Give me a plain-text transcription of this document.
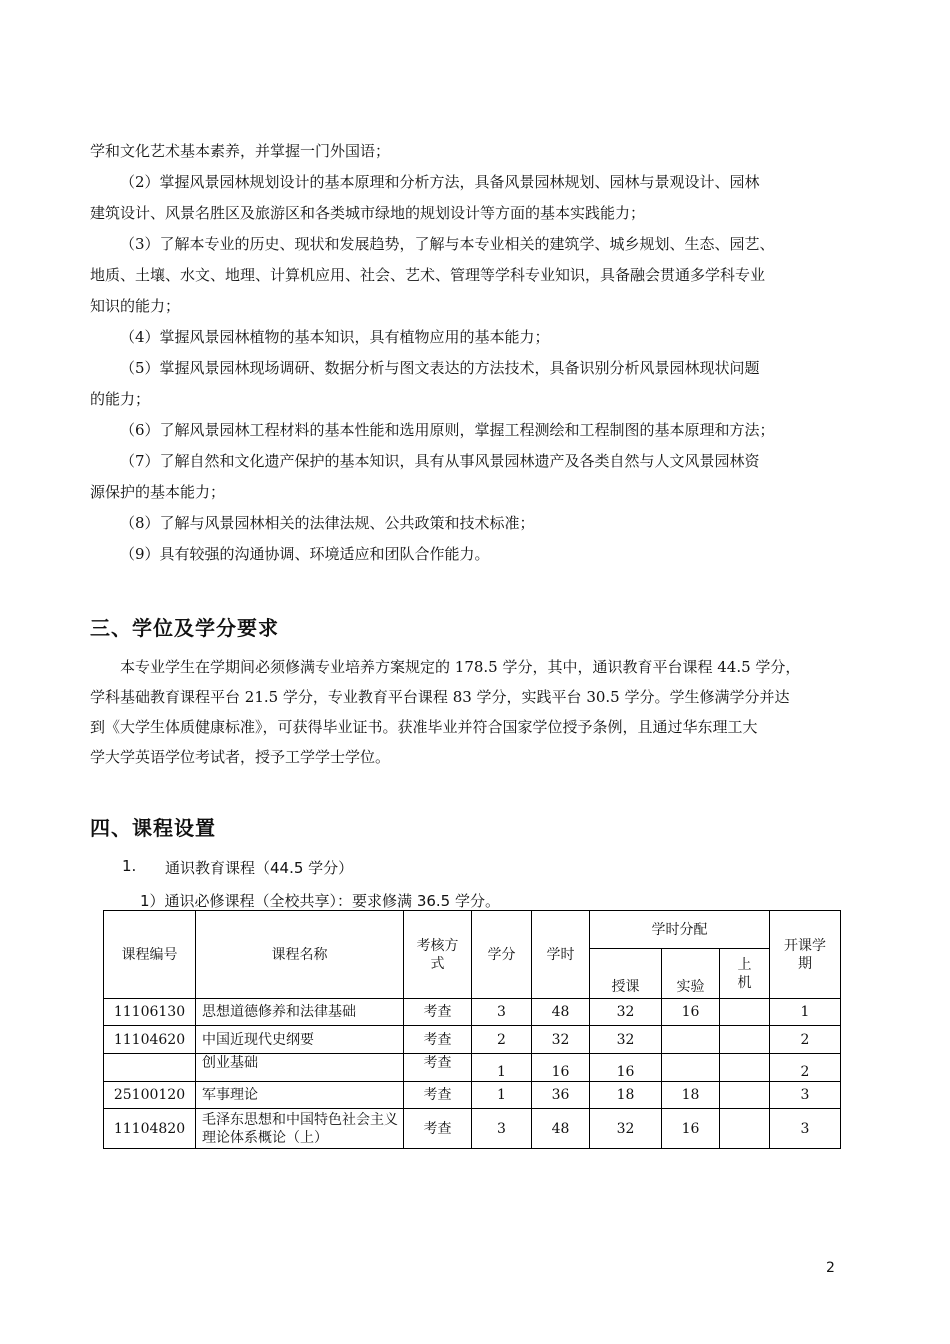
学和文化艺术基本素养，并掌握一门外国语；
（2）掌握风景园林规划设计的基本原理和分析方法，具备风景园林规划、园林与景观设计、园林
建筑设计、风景名胜区及旅游区和各类城市绿地的规划设计等方面的基本实践能力；
（3）了解本专业的历史、现状和发展趋势，了解与本专业相关的建筑学、城乡规划、生态、园艺、
地质、土壤、水文、地理、计算机应用、社会、艺术、管理等学科专业知识，具备融会贯通多学科专业
知识的能力；
（4）掌握风景园林植物的基本知识，具有植物应用的基本能力；
（5）掌握风景园林现场调研、数据分析与图文表达的方法技术，具备识别分析风景园林现状问题
的能力；
（6）了解风景园林工程材料的基本性能和选用原则，掌握工程测绘和工程制图的基本原理和方法；
（7）了解自然和文化遗产保护的基本知识，具有从事风景园林遗产及各类自然与人文风景园林资
源保护的基本能力；
（8）了解与风景园林相关的法律法规、公共政策和技术标准；
（9）具有较强的沟通协调、环境适应和团队合作能力。
三、学位及学分要求
本专业学生在学期间必须修满专业培养方案规定的 178.5 学分，其中，通识教育平台课程 44.5 学分，
学科基础教育课程平台 21.5 学分，专业教育平台课程 83 学分，实践平台 30.5 学分。学生修满学分并达
到《大学生体质健康标准》，可获得毕业证书。获准毕业并符合国家学位授予条例，且通过华东理工大
学大学英语学位考试者，授予工学学士学位。
四、课程设置
1. 通识教育课程（44.5 学分）
1）通识必修课程（全校共享）：要求修满 36.5 学分。
课程编号	课程名称	考核方式	学分	学时	学时分配			开课学期
					授课	实验	上机	
11106130	思想道德修养和法律基础	考查	3	48	32	16		1
11104620	中国近现代史纲要	考查	2	32	32			2
	创业基础	考查	1	16	16			2
25100120	军事理论	考查	1	36	18	18		3
11104820	毛泽东思想和中国特色社会主义理论体系概论（上）	考查	3	48	32	16		3
2
